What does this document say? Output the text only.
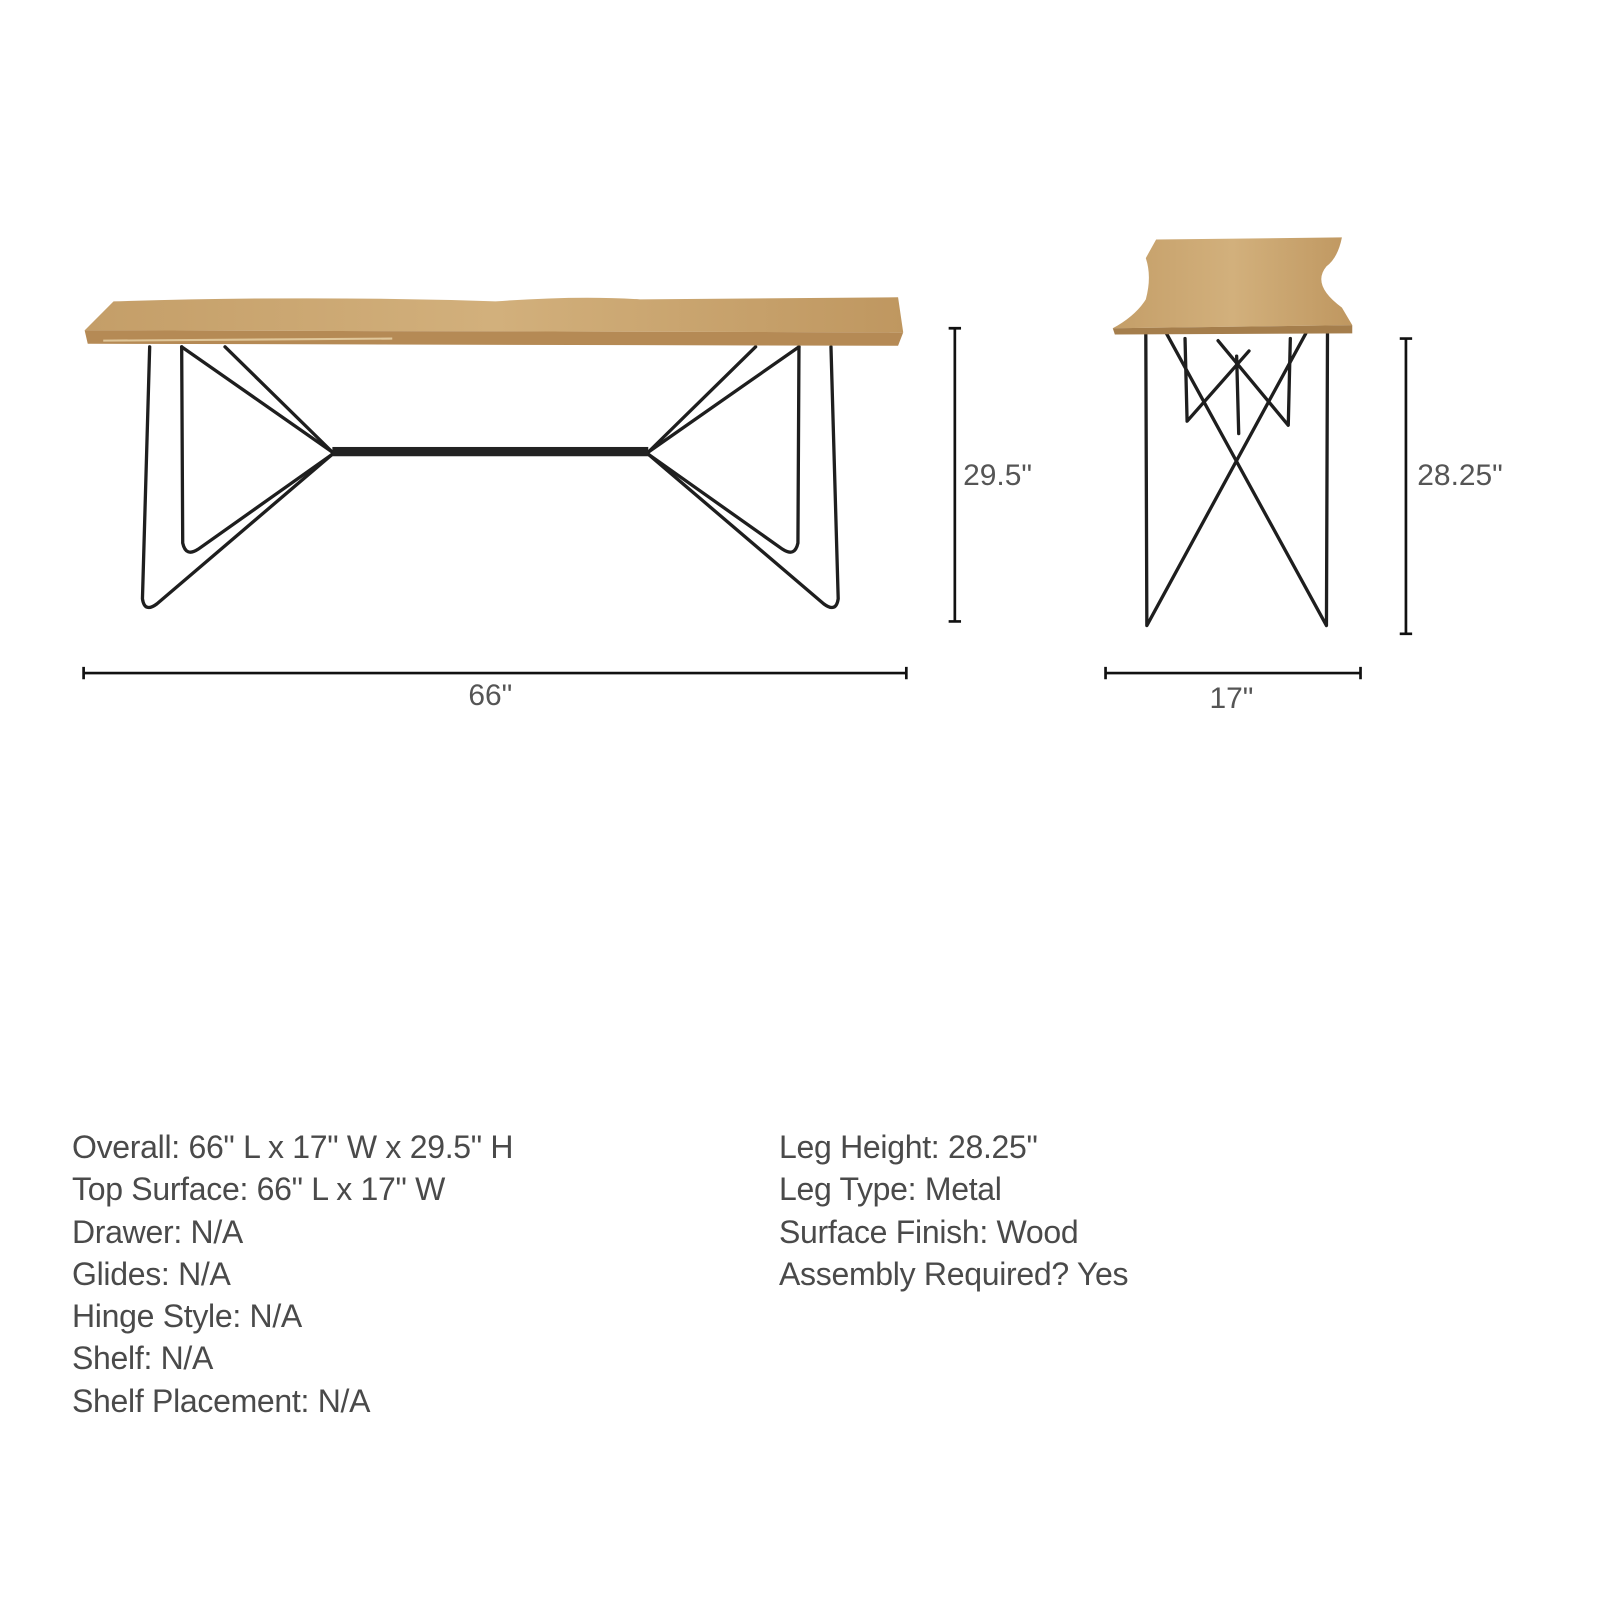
29.5"	28.25"
66"	17"
Overall: 66" L x 17" W x 29.5" H
Top Surface: 66" L x 17" W
Drawer: N/A
Glides: N/A
Hinge Style: N/A
Shelf: N/A
Shelf Placement: N/A
Leg Height: 28.25"
Leg Type: Metal
Surface Finish: Wood
Assembly Required? Yes
